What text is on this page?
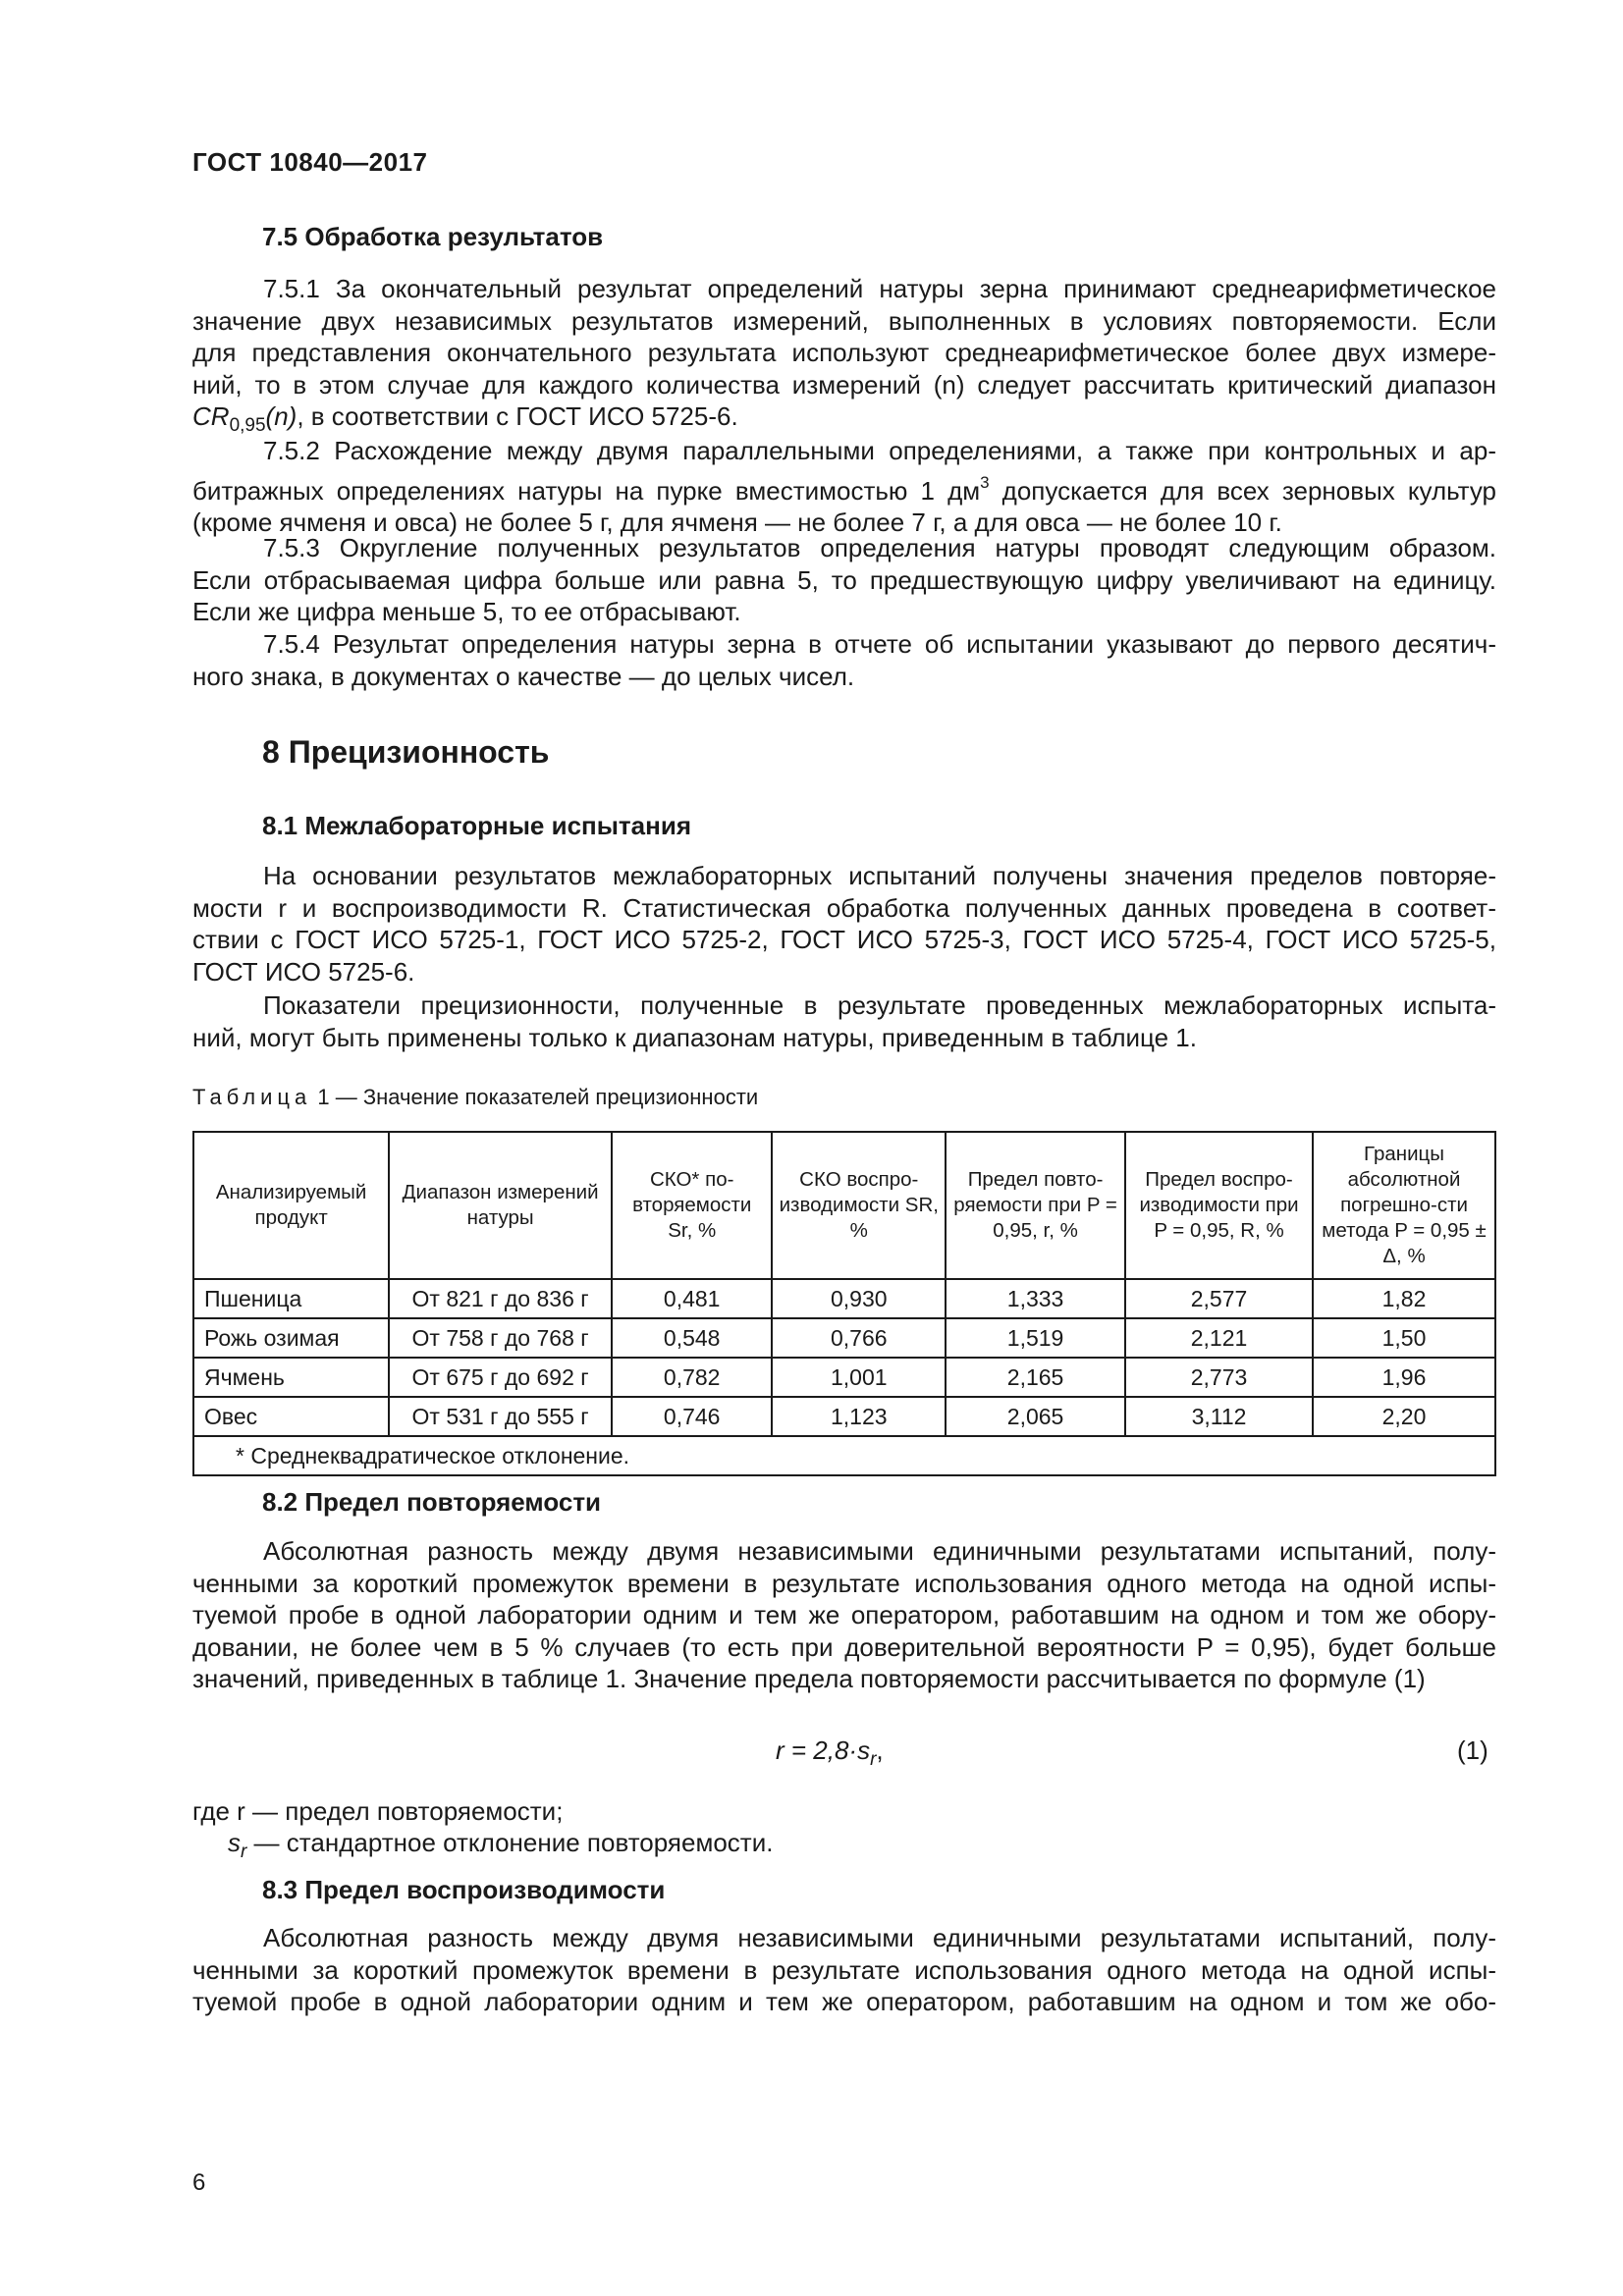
ГОСТ 10840—2017
7.5 Обработка результатов
7.5.1 За окончательный результат определений натуры зерна принимают среднеарифметическое
значение двух независимых результатов измерений, выполненных в условиях повторяемости. Если
для представления окончательного результата используют среднеарифметическое более двух измере-
ний, то в этом случае для каждого количества измерений (n) следует рассчитать критический диапазон
$CR_{0,95}(n)$, в соответствии с ГОСТ ИСО 5725-6.
7.5.2 Расхождение между двумя параллельными определениями, а также при контрольных и ар-
битражных определениях натуры на пурке вместимостью 1 $дм^3$ допускается для всех зерновых культур
(кроме ячменя и овса) не более 5 г, для ячменя — не более 7 г, а для овса — не более 10 г.
7.5.3 Округление полученных результатов определения натуры проводят следующим образом.
Если отбрасываемая цифра больше или равна 5, то предшествующую цифру увеличивают на единицу.
Если же цифра меньше 5, то ее отбрасывают.
7.5.4 Результат определения натуры зерна в отчете об испытании указывают до первого десятич-
ного знака, в документах о качестве — до целых чисел.
8 Прецизионность
8.1 Межлабораторные испытания
На основании результатов межлабораторных испытаний получены значения пределов повторяе-
мости r и воспроизводимости R. Статистическая обработка полученных данных проведена в соответ-
ствии с ГОСТ ИСО 5725-1, ГОСТ ИСО 5725-2, ГОСТ ИСО 5725-3, ГОСТ ИСО 5725-4, ГОСТ ИСО 5725-5,
ГОСТ ИСО 5725-6.
Показатели прецизионности, полученные в результате проведенных межлабораторных испыта-
ний, могут быть применены только к диапазонам натуры, приведенным в таблице 1.
Таблица 1 — Значение показателей прецизионности
Анализируемый продукт	Диапазон измерений натуры	СКО* по-вторяемости Sr, %	СКО воспро-изводимости SR, %	Предел повто-ряемости при P = 0,95, r, %	Предел воспро-изводимости при P = 0,95, R, %	Границы абсолютной погрешно-сти метода P = 0,95 ± Δ, %
Пшеница	От 821 г до 836 г	0,481	0,930	1,333	2,577	1,82
Рожь озимая	От 758 г до 768 г	0,548	0,766	1,519	2,121	1,50
Ячмень	От 675 г до 692 г	0,782	1,001	2,165	2,773	1,96
Овес	От 531 г до 555 г	0,746	1,123	2,065	3,112	2,20
* Среднеквадратическое отклонение.						
8.2 Предел повторяемости
Абсолютная разность между двумя независимыми единичными результатами испытаний, полу-
ченными за короткий промежуток времени в результате использования одного метода на одной испы-
туемой пробе в одной лаборатории одним и тем же оператором, работавшим на одном и том же обору-
довании, не более чем в 5 % случаев (то есть при доверительной вероятности P = 0,95), будет больше
значений, приведенных в таблице 1. Значение предела повторяемости рассчитывается по формуле (1)
$r = 2,8\cdot s_r$,	(1)
где r — предел повторяемости;
$s_r$ — стандартное отклонение повторяемости.
8.3 Предел воспроизводимости
Абсолютная разность между двумя независимыми единичными результатами испытаний, полу-
ченными за короткий промежуток времени в результате использования одного метода на одной испы-
туемой пробе в одной лаборатории одним и тем же оператором, работавшим на одном и том же обо-
6
